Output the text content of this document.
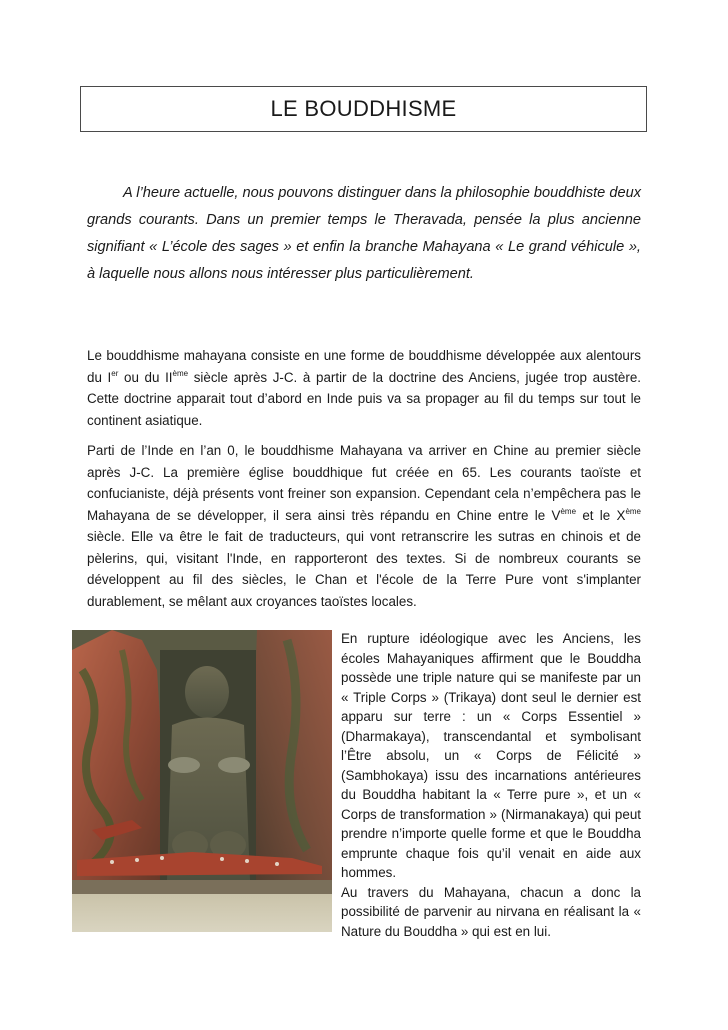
LE BOUDDHISME

A l’heure actuelle, nous pouvons distinguer dans la philosophie bouddhiste deux grands courants. Dans un premier temps le Theravada, pensée la plus ancienne signifiant « L’école des sages » et enfin la branche Mahayana « Le grand véhicule », à laquelle nous allons nous intéresser plus particulièrement.

Le bouddhisme mahayana consiste en une forme de bouddhisme développée aux alentours du Ier ou du IIème siècle après J-C. à partir de la doctrine des Anciens, jugée trop austère. Cette doctrine apparait tout d’abord en Inde puis va sa propager au fil du temps sur tout le continent asiatique.

Parti de l’Inde en l’an 0, le bouddhisme Mahayana va arriver en Chine au premier siècle après J-C. La première église bouddhique fut créée en 65. Les courants taoïste et confucianiste, déjà présents vont freiner son expansion. Cependant cela n’empêchera pas le Mahayana de se développer, il sera ainsi très répandu en Chine entre le Vème et le Xème siècle. Elle va être le fait de traducteurs, qui vont retranscrire les sutras en chinois et de pèlerins, qui, visitant l'Inde, en rapporteront des textes. Si de nombreux courants se développent au fil des siècles, le Chan et l'école de la Terre Pure vont s'implanter durablement, se mêlant aux croyances taoïstes locales.

En rupture idéologique avec les Anciens, les écoles Mahayaniques affirment que le Bouddha possède une triple nature qui se manifeste par un « Triple Corps » (Trikaya) dont seul le dernier est apparu sur terre : un « Corps Essentiel » (Dharmakaya), transcendantal et symbolisant l’Être absolu, un « Corps de Félicité » (Sambhokaya) issu des incarnations antérieures du Bouddha habitant la « Terre pure », et un « Corps de transformation » (Nirmanakaya) qui peut prendre n’importe quelle forme et que le Bouddha emprunte chaque fois qu’il venait en aide aux hommes.
Au travers du Mahayana, chacun a donc la possibilité de parvenir au nirvana en réalisant la « Nature du Bouddha » qui est en lui.
